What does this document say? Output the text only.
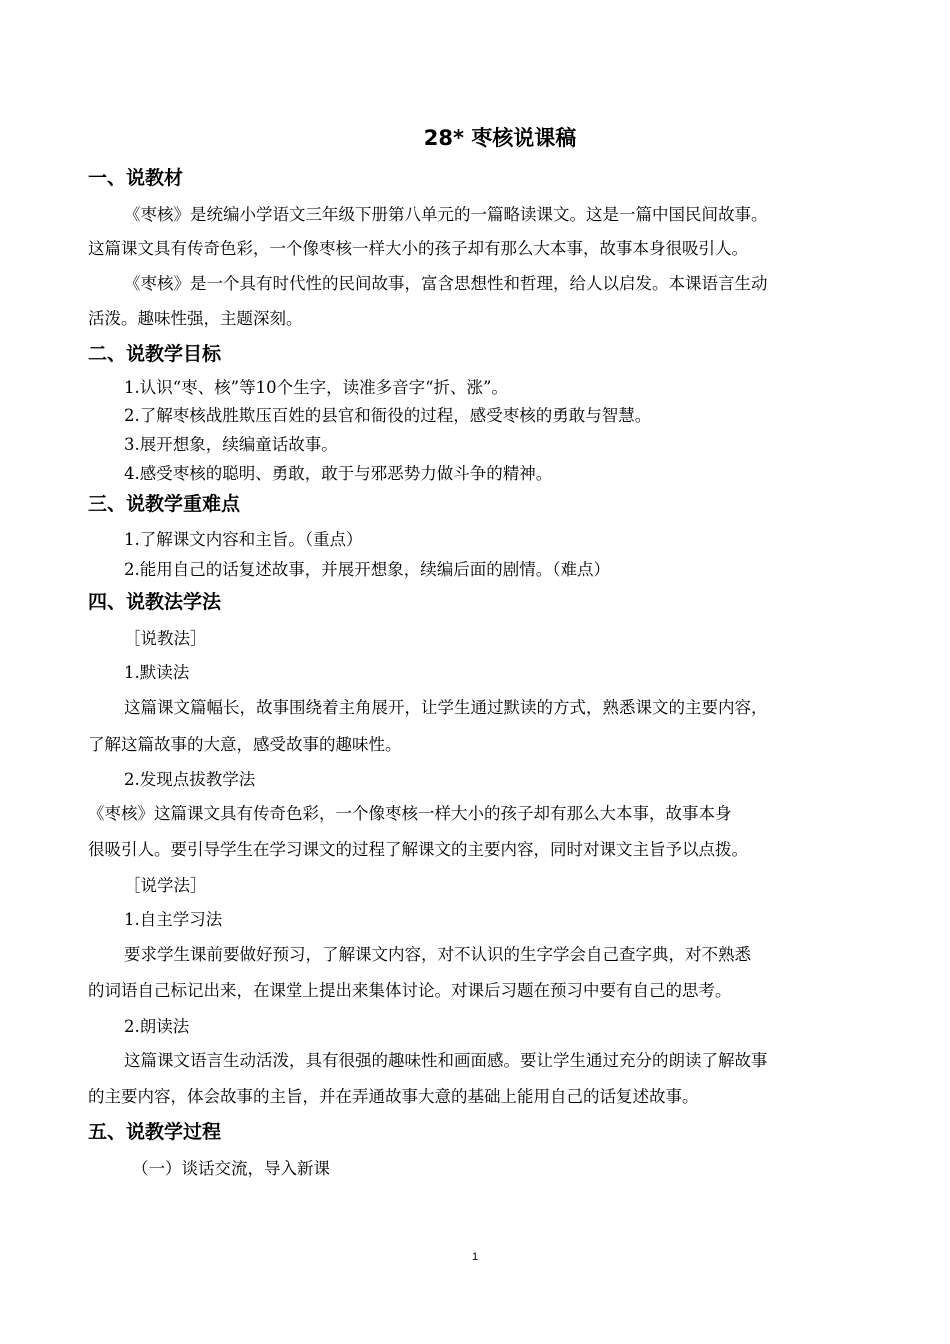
28* 枣核说课稿
一、说教材
《枣核》是统编小学语文三年级下册第八单元的一篇略读课文。这是一篇中国民间故事。
这篇课文具有传奇色彩，一个像枣核一样大小的孩子却有那么大本事，故事本身很吸引人。
《枣核》是一个具有时代性的民间故事，富含思想性和哲理，给人以启发。本课语言生动
活泼。趣味性强，主题深刻。
二、说教学目标
1.认识“枣、核”等10个生字，读准多音字“折、涨”。
2.了解枣核战胜欺压百姓的县官和衙役的过程，感受枣核的勇敢与智慧。
3.展开想象，续编童话故事。
4.感受枣核的聪明、勇敢，敢于与邪恶势力做斗争的精神。
三、说教学重难点
1.了解课文内容和主旨。（重点）
2.能用自己的话复述故事，并展开想象，续编后面的剧情。（难点）
四、说教法学法
［说教法］
1.默读法
这篇课文篇幅长，故事围绕着主角展开，让学生通过默读的方式，熟悉课文的主要内容，
了解这篇故事的大意，感受故事的趣味性。
2.发现点拔教学法
《枣核》这篇课文具有传奇色彩，一个像枣核一样大小的孩子却有那么大本事，故事本身
很吸引人。要引导学生在学习课文的过程了解课文的主要内容，同时对课文主旨予以点拨。
［说学法］
1.自主学习法
要求学生课前要做好预习，了解课文内容，对不认识的生字学会自己查字典，对不熟悉
的词语自己标记出来，在课堂上提出来集体讨论。对课后习题在预习中要有自己的思考。
2.朗读法
这篇课文语言生动活泼，具有很强的趣味性和画面感。要让学生通过充分的朗读了解故事
的主要内容，体会故事的主旨，并在弄通故事大意的基础上能用自己的话复述故事。
五、说教学过程
（一）谈话交流，导入新课
1
